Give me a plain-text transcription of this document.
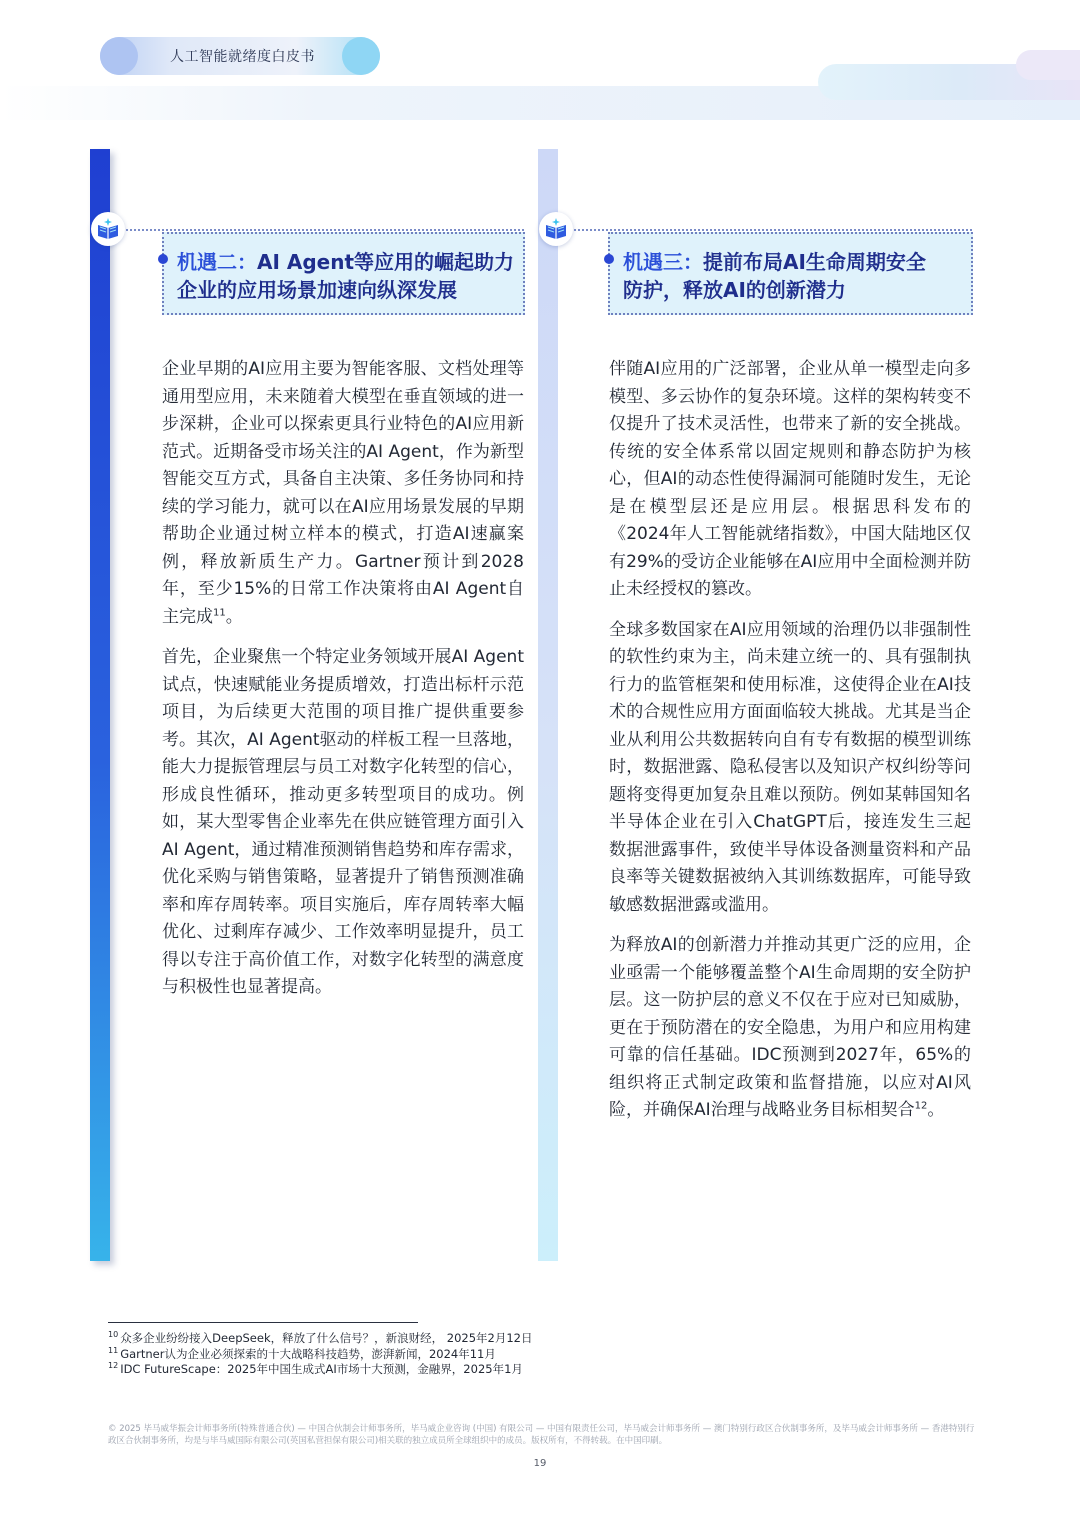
人工智能就绪度白皮书
机遇二：AI Agent等应用的崛起助力
企业的应用场景加速向纵深发展
机遇三：提前布局AI生命周期安全
防护，释放AI的创新潜力

企业早期的AI应用主要为智能客服、文档处理等通用型应用，未来随着大模型在垂直领域的进一步深耕，企业可以探索更具行业特色的AI应用新范式。近期备受市场关注的AI Agent，作为新型智能交互方式，具备自主决策、多任务协同和持续的学习能力，就可以在AI应用场景发展的早期帮助企业通过树立样本的模式，打造AI速赢案例，释放新质生产力。Gartner预计到2028年，至少15%的日常工作决策将由AI Agent自主完成$^{11}$。

首先，企业聚焦一个特定业务领域开展AI Agent试点，快速赋能业务提质增效，打造出标杆示范项目，为后续更大范围的项目推广提供重要参考。其次，AI Agent驱动的样板工程一旦落地，能大力提振管理层与员工对数字化转型的信心，形成良性循环，推动更多转型项目的成功。例如，某大型零售企业率先在供应链管理方面引入AI Agent，通过精准预测销售趋势和库存需求，优化采购与销售策略，显著提升了销售预测准确率和库存周转率。项目实施后，库存周转率大幅优化、过剩库存减少、工作效率明显提升，员工得以专注于高价值工作，对数字化转型的满意度与积极性也显著提高。

伴随AI应用的广泛部署，企业从单一模型走向多模型、多云协作的复杂环境。这样的架构转变不仅提升了技术灵活性，也带来了新的安全挑战。传统的安全体系常以固定规则和静态防护为核心，但AI的动态性使得漏洞可能随时发生，无论是在模型层还是应用层。根据思科发布的《2024年人工智能就绪指数》，中国大陆地区仅有29%的受访企业能够在AI应用中全面检测并防止未经授权的篡改。

全球多数国家在AI应用领域的治理仍以非强制性的软性约束为主，尚未建立统一的、具有强制执行力的监管框架和使用标准，这使得企业在AI技术的合规性应用方面面临较大挑战。尤其是当企业从利用公共数据转向自有专有数据的模型训练时，数据泄露、隐私侵害以及知识产权纠纷等问题将变得更加复杂且难以预防。例如某韩国知名半导体企业在引入ChatGPT后，接连发生三起数据泄露事件，致使半导体设备测量资料和产品良率等关键数据被纳入其训练数据库，可能导致敏感数据泄露或滥用。

为释放AI的创新潜力并推动其更广泛的应用，企业亟需一个能够覆盖整个AI生命周期的安全防护层。这一防护层的意义不仅在于应对已知威胁，更在于预防潜在的安全隐患，为用户和应用构建可靠的信任基础。IDC预测到2027年，65%的组织将正式制定政策和监督措施，以应对AI风险，并确保AI治理与战略业务目标相契合$^{12}$。

$^{10}$ 众多企业纷纷接入DeepSeek，释放了什么信号？，新浪财经， 2025年2月12日
$^{11}$ Gartner认为企业必须探索的十大战略科技趋势，澎湃新闻，2024年11月
$^{12}$ IDC FutureScape：2025年中国生成式AI市场十大预测，金融界，2025年1月
© 2025 毕马威华振会计师事务所(特殊普通合伙) — 中国合伙制会计师事务所，毕马威企业咨询 (中国) 有限公司 — 中国有限责任公司，毕马威会计师事务所 — 澳门特别行政区合伙制事务所，及毕马威会计师事务所 — 香港特别行政区合伙制事务所，均是与毕马威国际有限公司(英国私营担保有限公司)相关联的独立成员所全球组织中的成员。版权所有，不得转载。在中国印刷。
19
